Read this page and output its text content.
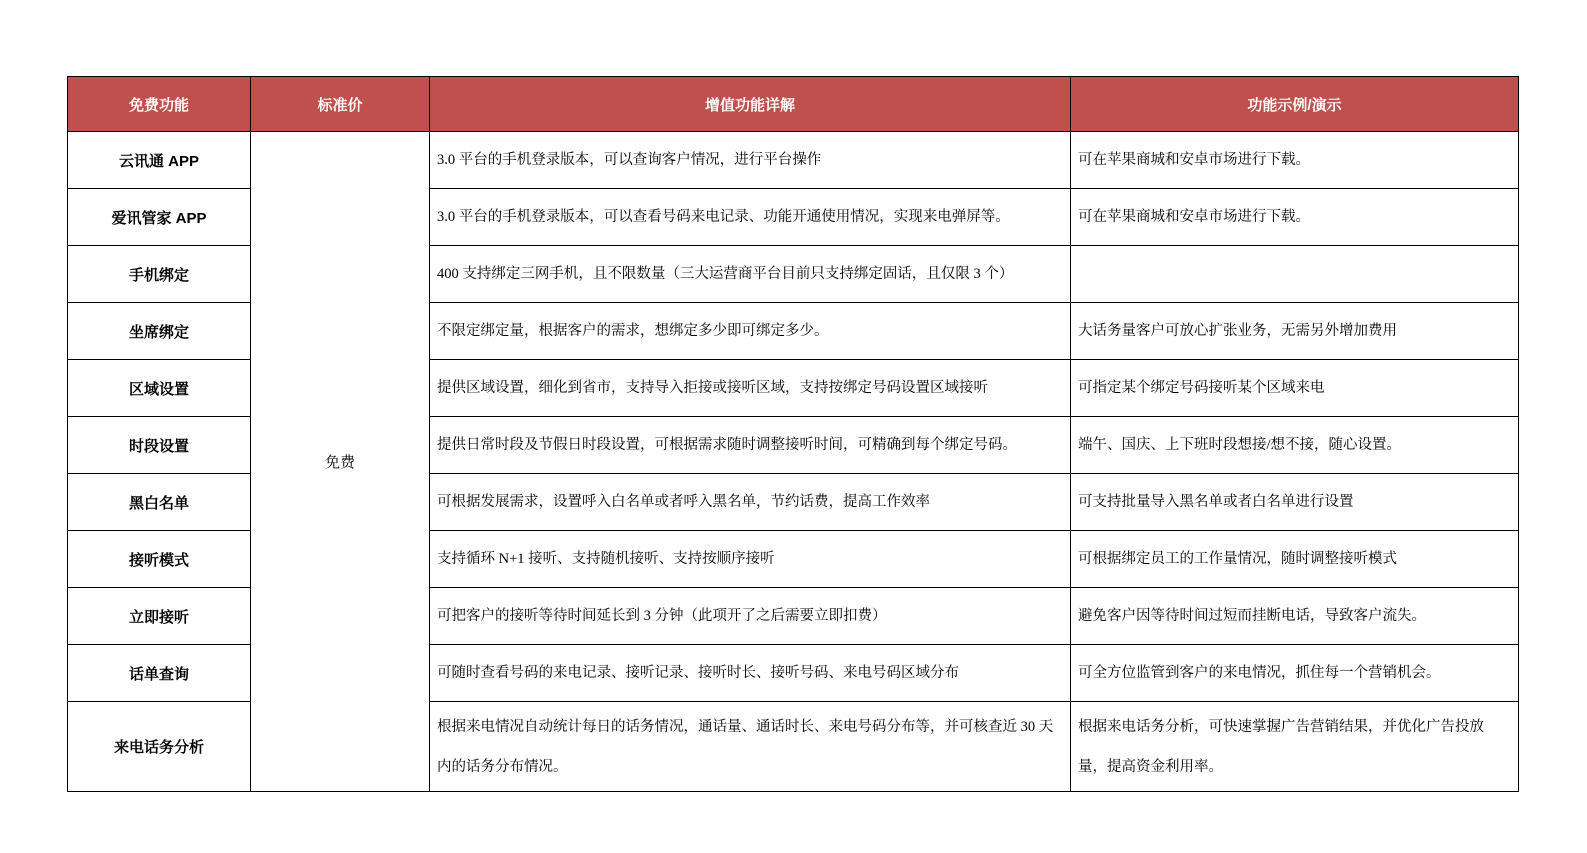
免费功能	标准价	增值功能详解	功能示例/演示
云讯通 APP	免费	3.0 平台的手机登录版本，可以查询客户情况，进行平台操作	可在苹果商城和安卓市场进行下载。
爱讯管家 APP		3.0 平台的手机登录版本，可以查看号码来电记录、功能开通使用情况，实现来电弹屏等。	可在苹果商城和安卓市场进行下载。
手机绑定		400 支持绑定三网手机，且不限数量（三大运营商平台目前只支持绑定固话，且仅限 3 个）	
坐席绑定		不限定绑定量，根据客户的需求，想绑定多少即可绑定多少。	大话务量客户可放心扩张业务，无需另外增加费用
区域设置		提供区域设置，细化到省市，支持导入拒接或接听区域，支持按绑定号码设置区域接听	可指定某个绑定号码接听某个区域来电
时段设置		提供日常时段及节假日时段设置，可根据需求随时调整接听时间，可精确到每个绑定号码。	端午、国庆、上下班时段想接/想不接，随心设置。
黑白名单		可根据发展需求，设置呼入白名单或者呼入黑名单，节约话费，提高工作效率	可支持批量导入黑名单或者白名单进行设置
接听模式		支持循环 N+1 接听、支持随机接听、支持按顺序接听	可根据绑定员工的工作量情况，随时调整接听模式
立即接听		可把客户的接听等待时间延长到 3 分钟（此项开了之后需要立即扣费）	避免客户因等待时间过短而挂断电话，导致客户流失。
话单查询		可随时查看号码的来电记录、接听记录、接听时长、接听号码、来电号码区域分布	可全方位监管到客户的来电情况，抓住每一个营销机会。
来电话务分析		根据来电情况自动统计每日的话务情况，通话量、通话时长、来电号码分布等，并可核查近 30 天内的话务分布情况。	根据来电话务分析，可快速掌握广告营销结果，并优化广告投放量，提高资金利用率。
